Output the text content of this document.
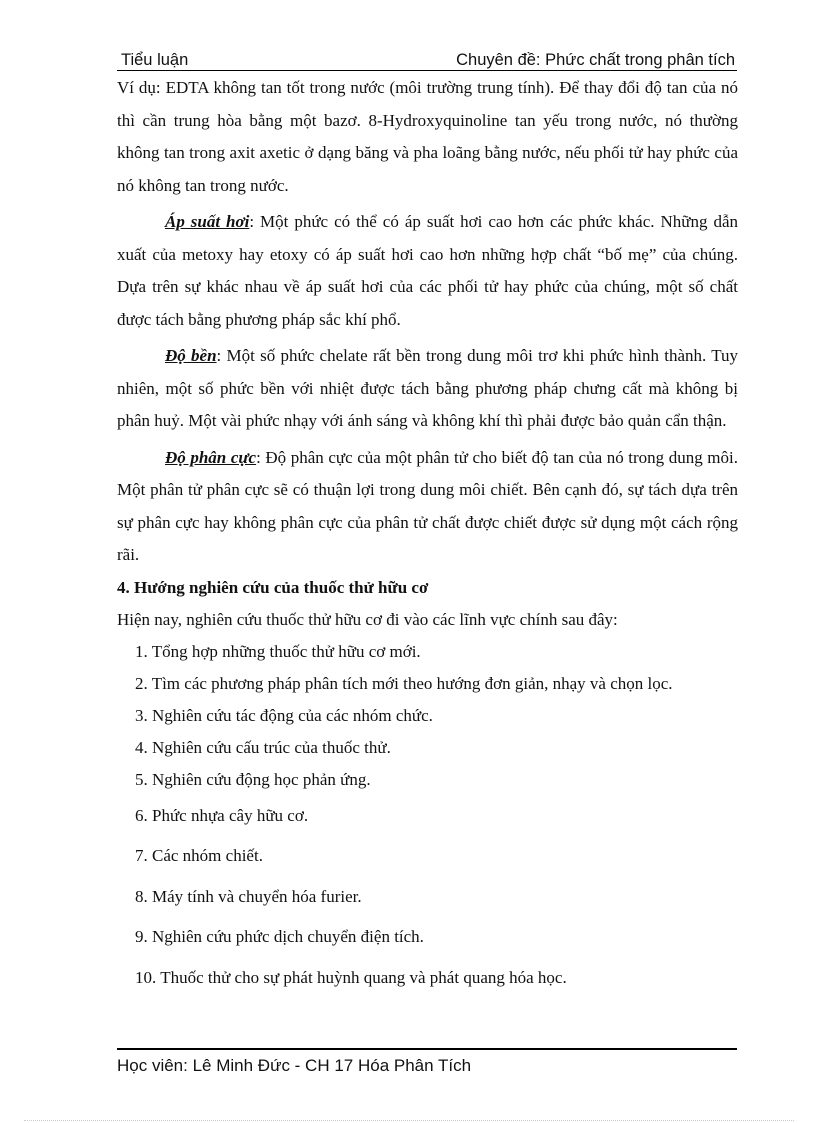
Tiểu luận	Chuyên đề: Phức chất trong phân tích

Ví dụ: EDTA không tan tốt trong nước (môi trường trung tính). Để thay đổi độ tan của nó thì cần trung hòa bằng một bazơ. 8-Hydroxyquinoline tan yếu trong nước, nó thường không tan trong axit axetic ở dạng băng và pha loãng bằng nước, nếu phối tử hay phức của nó không tan trong nước.

Áp suất hơi: Một phức có thể có áp suất hơi cao hơn các phức khác. Những dẫn xuất của metoxy hay etoxy có áp suất hơi cao hơn những hợp chất “bố mẹ” của chúng. Dựa trên sự khác nhau về áp suất hơi của các phối tử hay phức của chúng, một số chất được tách bằng phương pháp sắc khí phổ.

Độ bền: Một số phức chelate rất bền trong dung môi trơ khi phức hình thành. Tuy nhiên, một số phức bền với nhiệt được tách bằng phương pháp chưng cất mà không bị phân huỷ. Một vài phức nhạy với ánh sáng và không khí thì phải được bảo quản cẩn thận.

Độ phân cực: Độ phân cực của một phân tử cho biết độ tan của nó trong dung môi. Một phân tử phân cực sẽ có thuận lợi trong dung môi chiết. Bên cạnh đó, sự tách dựa trên sự phân cực hay không phân cực của phân tử chất được chiết được sử dụng một cách rộng rãi.

4. Hướng nghiên cứu của thuốc thử hữu cơ

Hiện nay, nghiên cứu thuốc thử hữu cơ đi vào các lĩnh vực chính sau đây:

1. Tổng hợp những thuốc thử hữu cơ mới.
2. Tìm các phương pháp phân tích mới theo hướng đơn giản, nhạy và chọn lọc.
3. Nghiên cứu tác động của các nhóm chức.
4. Nghiên cứu cấu trúc của thuốc thử.
5. Nghiên cứu động học phản ứng.
6. Phức nhựa cây hữu cơ.
7. Các nhóm chiết.
8. Máy tính và chuyển hóa furier.
9. Nghiên cứu phức dịch chuyển điện tích.
10. Thuốc thử cho sự phát huỳnh quang và phát quang hóa học.
Học viên: Lê Minh Đức - CH 17 Hóa Phân Tích
